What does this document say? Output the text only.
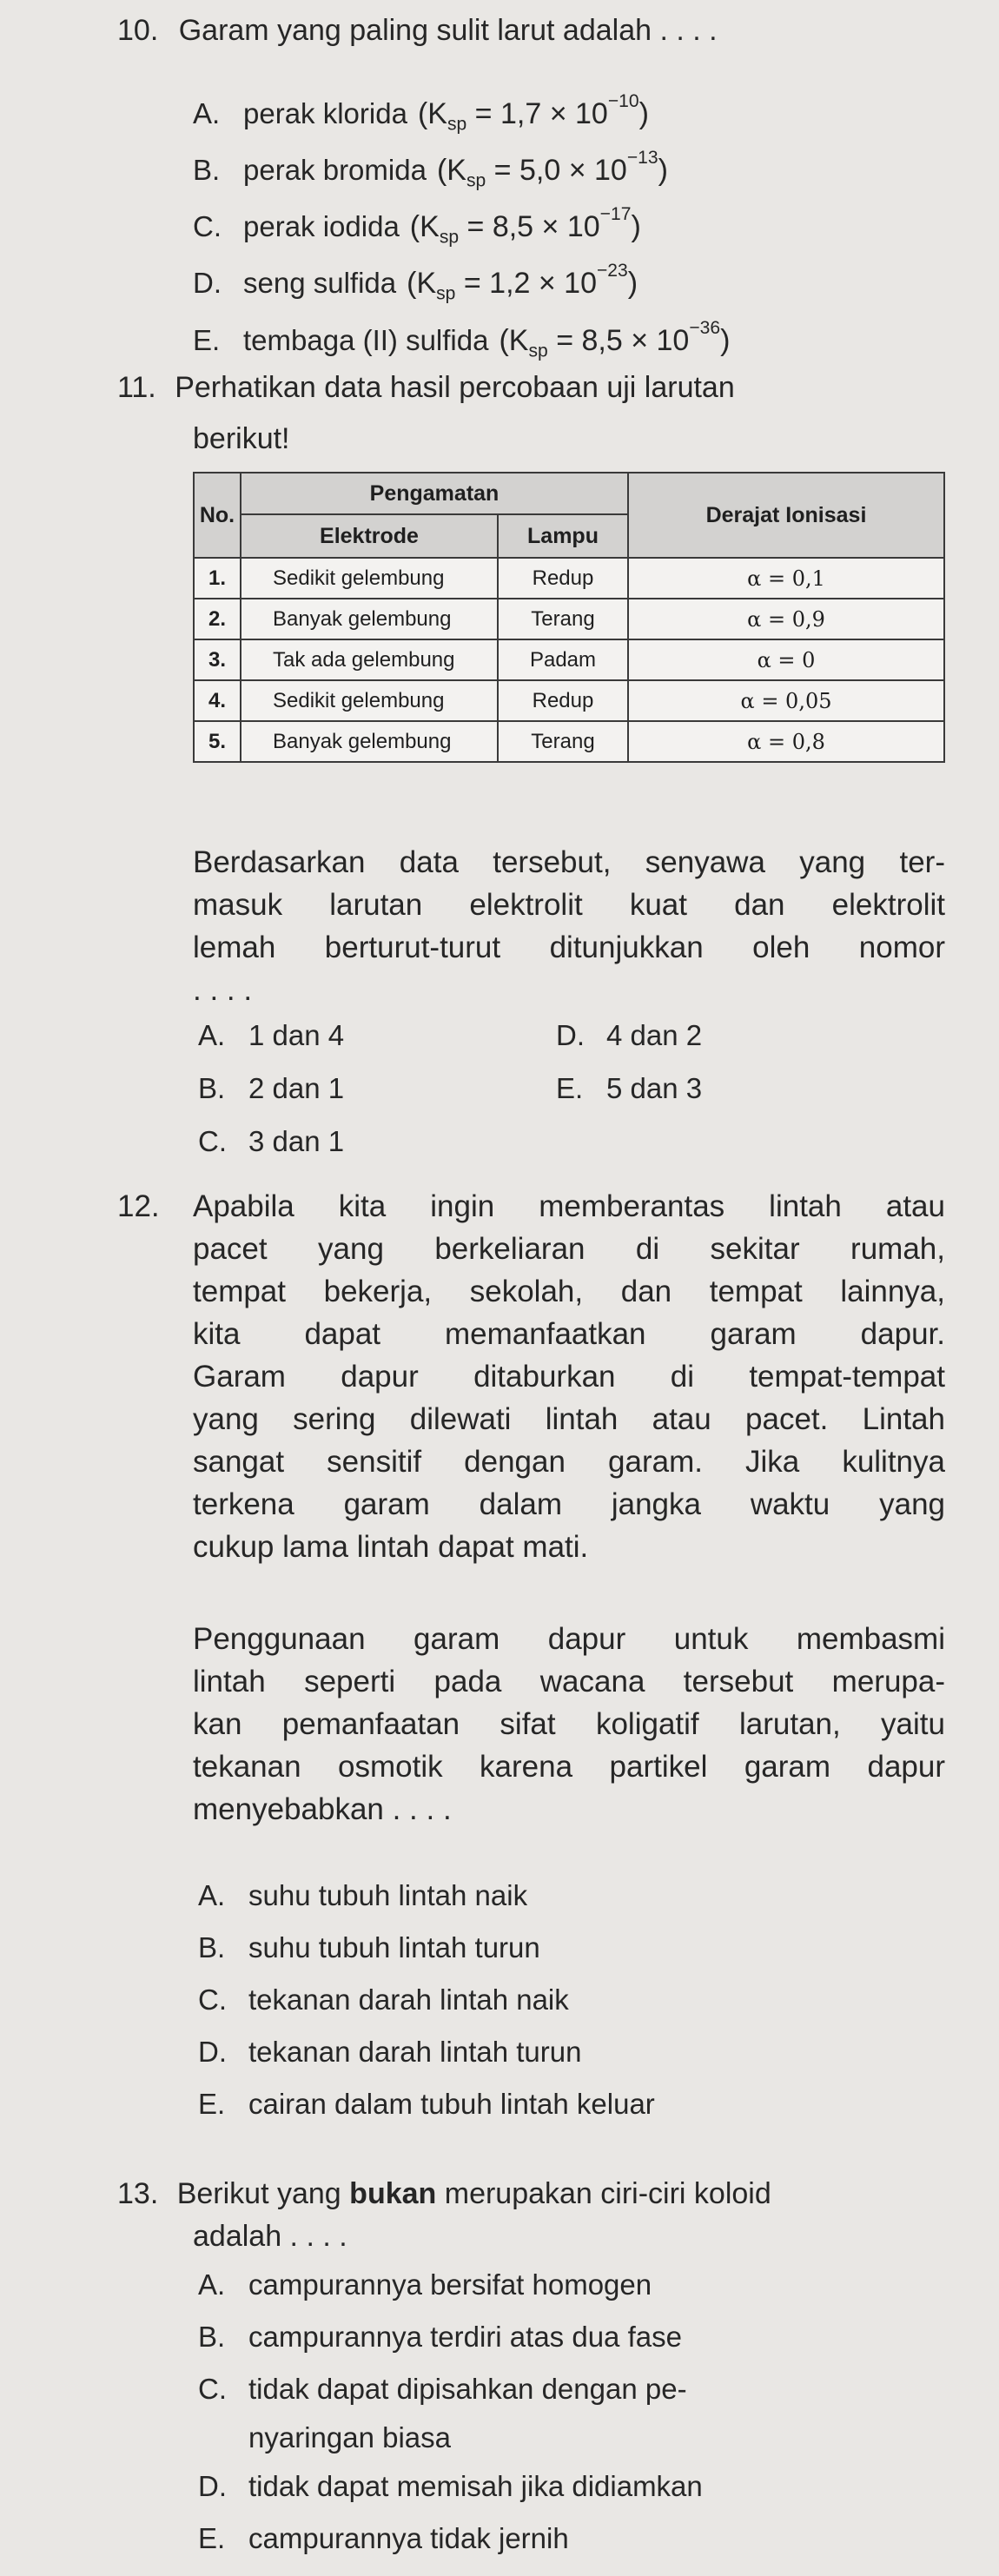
10. Garam yang paling sulit larut adalah . . . .
A. perak klorida $(K_{sp} = 1,7 \times 10^{-10})$
B. perak bromida $(K_{sp} = 5,0 \times 10^{-13})$
C. perak iodida $(K_{sp} = 8,5 \times 10^{-17})$
D. seng sulfida $(K_{sp} = 1,2 \times 10^{-23})$
E. tembaga (II) sulfida $(K_{sp} = 8,5 \times 10^{-36})$
11. Perhatikan data hasil percobaan uji larutan
berikut!
No.	Pengamatan		Derajat Ionisasi
	Elektrode	Lampu	
1.	Sedikit gelembung	Redup	α = 0,1
2.	Banyak gelembung	Terang	α = 0,9
3.	Tak ada gelembung	Padam	α = 0
4.	Sedikit gelembung	Redup	α = 0,05
5.	Banyak gelembung	Terang	α = 0,8
Berdasarkan data tersebut, senyawa yang ter-
masuk larutan elektrolit kuat dan elektrolit
lemah berturut-turut ditunjukkan oleh nomor
. . . .
A. 1 dan 4
B. 2 dan 1
C. 3 dan 1
D. 4 dan 2
E. 5 dan 3
12. Apabila kita ingin memberantas lintah atau
pacet yang berkeliaran di sekitar rumah,
tempat bekerja, sekolah, dan tempat lainnya,
kita dapat memanfaatkan garam dapur.
Garam dapur ditaburkan di tempat-tempat
yang sering dilewati lintah atau pacet. Lintah
sangat sensitif dengan garam. Jika kulitnya
terkena garam dalam jangka waktu yang
cukup lama lintah dapat mati.
Penggunaan garam dapur untuk membasmi
lintah seperti pada wacana tersebut merupa-
kan pemanfaatan sifat koligatif larutan, yaitu
tekanan osmotik karena partikel garam dapur
menyebabkan . . . .
A. suhu tubuh lintah naik
B. suhu tubuh lintah turun
C. tekanan darah lintah naik
D. tekanan darah lintah turun
E. cairan dalam tubuh lintah keluar
13. Berikut yang bukan merupakan ciri-ciri koloid
adalah . . . .
A. campurannya bersifat homogen
B. campurannya terdiri atas dua fase
C. tidak dapat dipisahkan dengan pe-
nyaringan biasa
D. tidak dapat memisah jika didiamkan
E. campurannya tidak jernih
